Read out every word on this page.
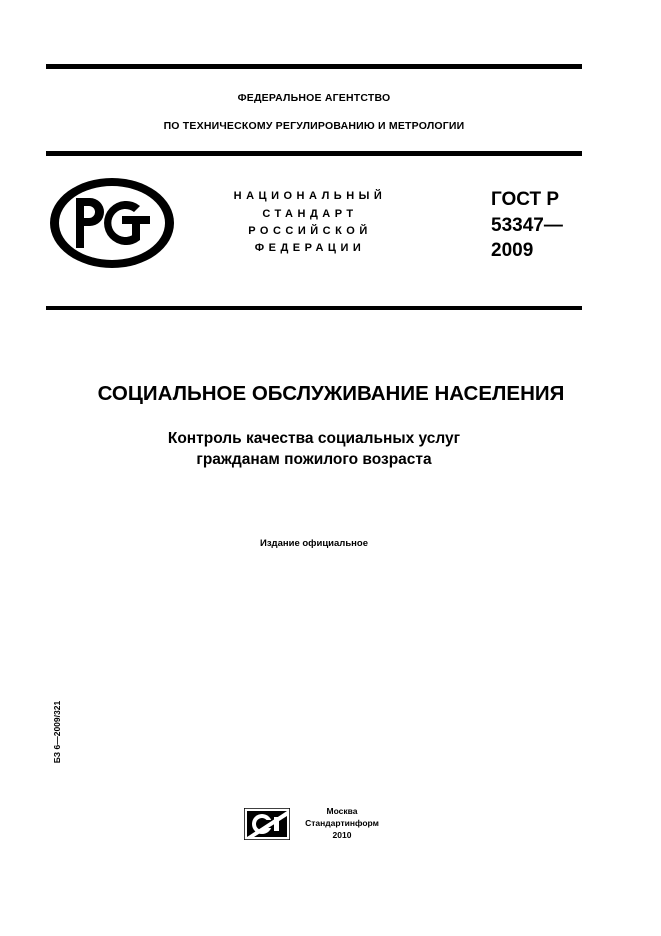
ФЕДЕРАЛЬНОЕ АГЕНТСТВО
ПО ТЕХНИЧЕСКОМУ РЕГУЛИРОВАНИЮ И МЕТРОЛОГИИ
НАЦИОНАЛЬНЫЙ
СТАНДАРТ
РОССИЙСКОЙ
ФЕДЕРАЦИИ
ГОСТ Р
53347—
2009
СОЦИАЛЬНОЕ ОБСЛУЖИВАНИЕ НАСЕЛЕНИЯ
Контроль качества социальных услуг
гражданам пожилого возраста
Издание официальное
БЗ 6—2009/321
Москва
Стандартинформ
2010
